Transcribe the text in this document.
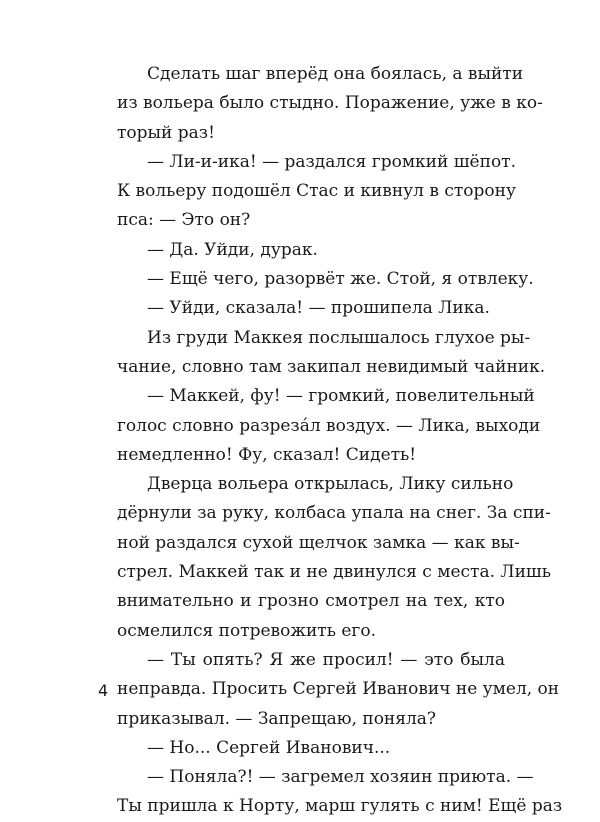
Сделать шаг вперёд она боялась, а выйти
из вольера было стыдно. Поражение, уже в ко-
торый раз!
— Ли-и-ика! — раздался громкий шёпот.
К вольеру подошёл Стас и кивнул в сторону
пса: — Это он?
— Да. Уйди, дурак.
— Ещё чего, разорвёт же. Стой, я отвлеку.
— Уйди, сказала! — прошипела Лика.
Из груди Маккея послышалось глухое ры-
чание, словно там закипал невидимый чайник.
— Маккей, фу! — громкий, повелительный
голос словно разреза́л воздух. — Лика, выходи
немедленно! Фу, сказал! Сидеть!
Дверца вольера открылась, Лику сильно
дёрнули за руку, колбаса упала на снег. За спи-
ной раздался сухой щелчок замка — как вы-
стрел. Маккей так и не двинулся с места. Лишь
внимательно и грозно смотрел на тех, кто
осмелился потревожить его.
— Ты опять? Я же просил! — это была
неправда. Просить Сергей Иванович не умел, он
приказывал. — Запрещаю, поняла?
— Но... Сергей Иванович...
— Поняла?! — загремел хозяин приюта. —
Ты пришла к Норту, марш гулять с ним! Ещё раз
4
